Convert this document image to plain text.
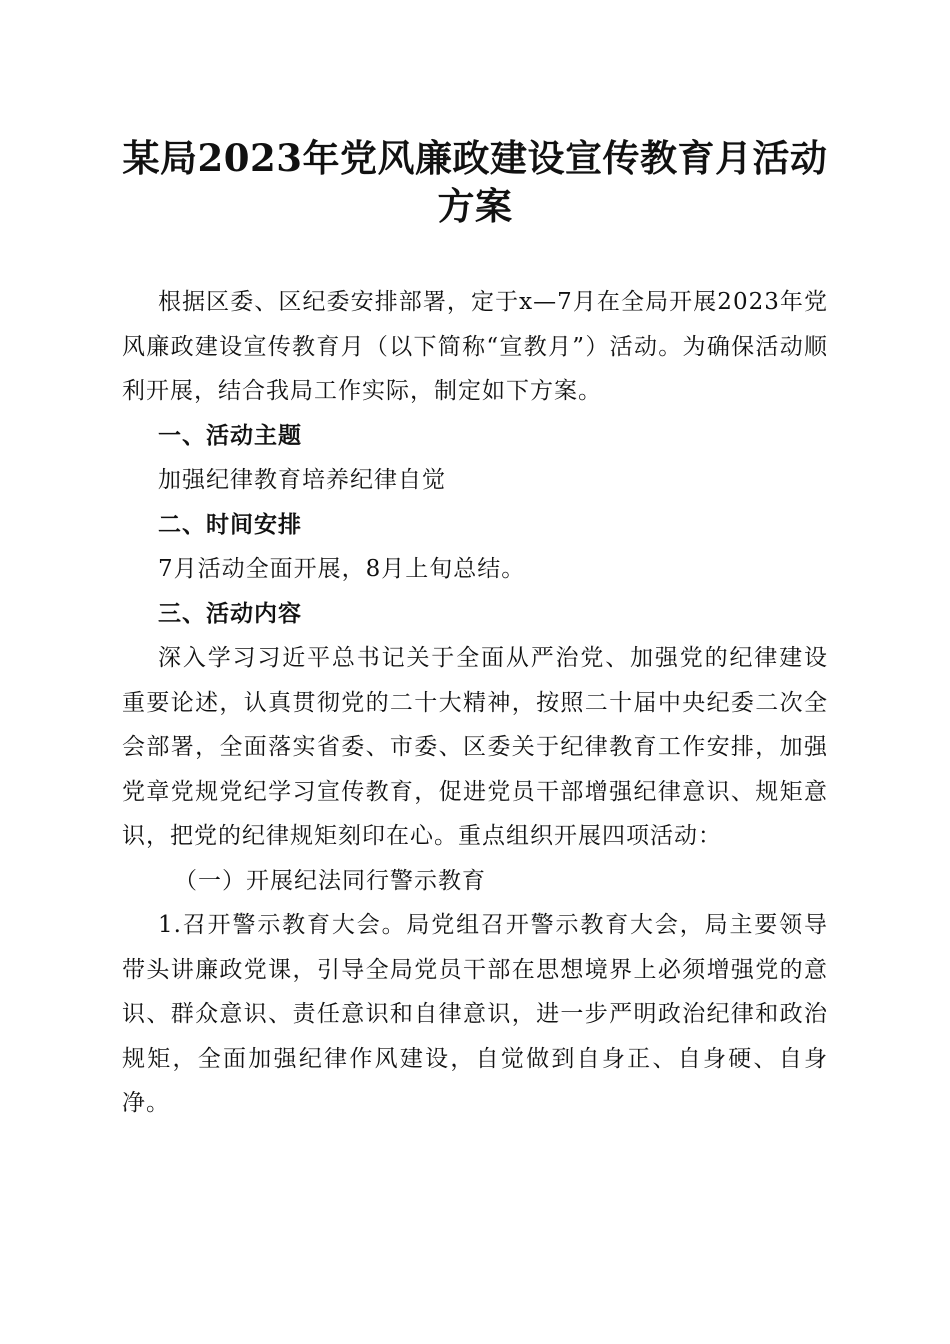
某局2023年党风廉政建设宣传教育月活动方案

根据区委、区纪委安排部署，定于x—7月在全局开展2023年党风廉政建设宣传教育月（以下简称“宣教月”）活动。为确保活动顺利开展，结合我局工作实际，制定如下方案。

一、活动主题

加强纪律教育培养纪律自觉

二、时间安排

7月活动全面开展，8月上旬总结。

三、活动内容

深入学习习近平总书记关于全面从严治党、加强党的纪律建设重要论述，认真贯彻党的二十大精神，按照二十届中央纪委二次全会部署，全面落实省委、市委、区委关于纪律教育工作安排，加强党章党规党纪学习宣传教育，促进党员干部增强纪律意识、规矩意识，把党的纪律规矩刻印在心。重点组织开展四项活动：

（一）开展纪法同行警示教育

1.召开警示教育大会。局党组召开警示教育大会，局主要领导带头讲廉政党课，引导全局党员干部在思想境界上必须增强党的意识、群众意识、责任意识和自律意识，进一步严明政治纪律和政治规矩，全面加强纪律作风建设，自觉做到自身正、自身硬、自身净。
